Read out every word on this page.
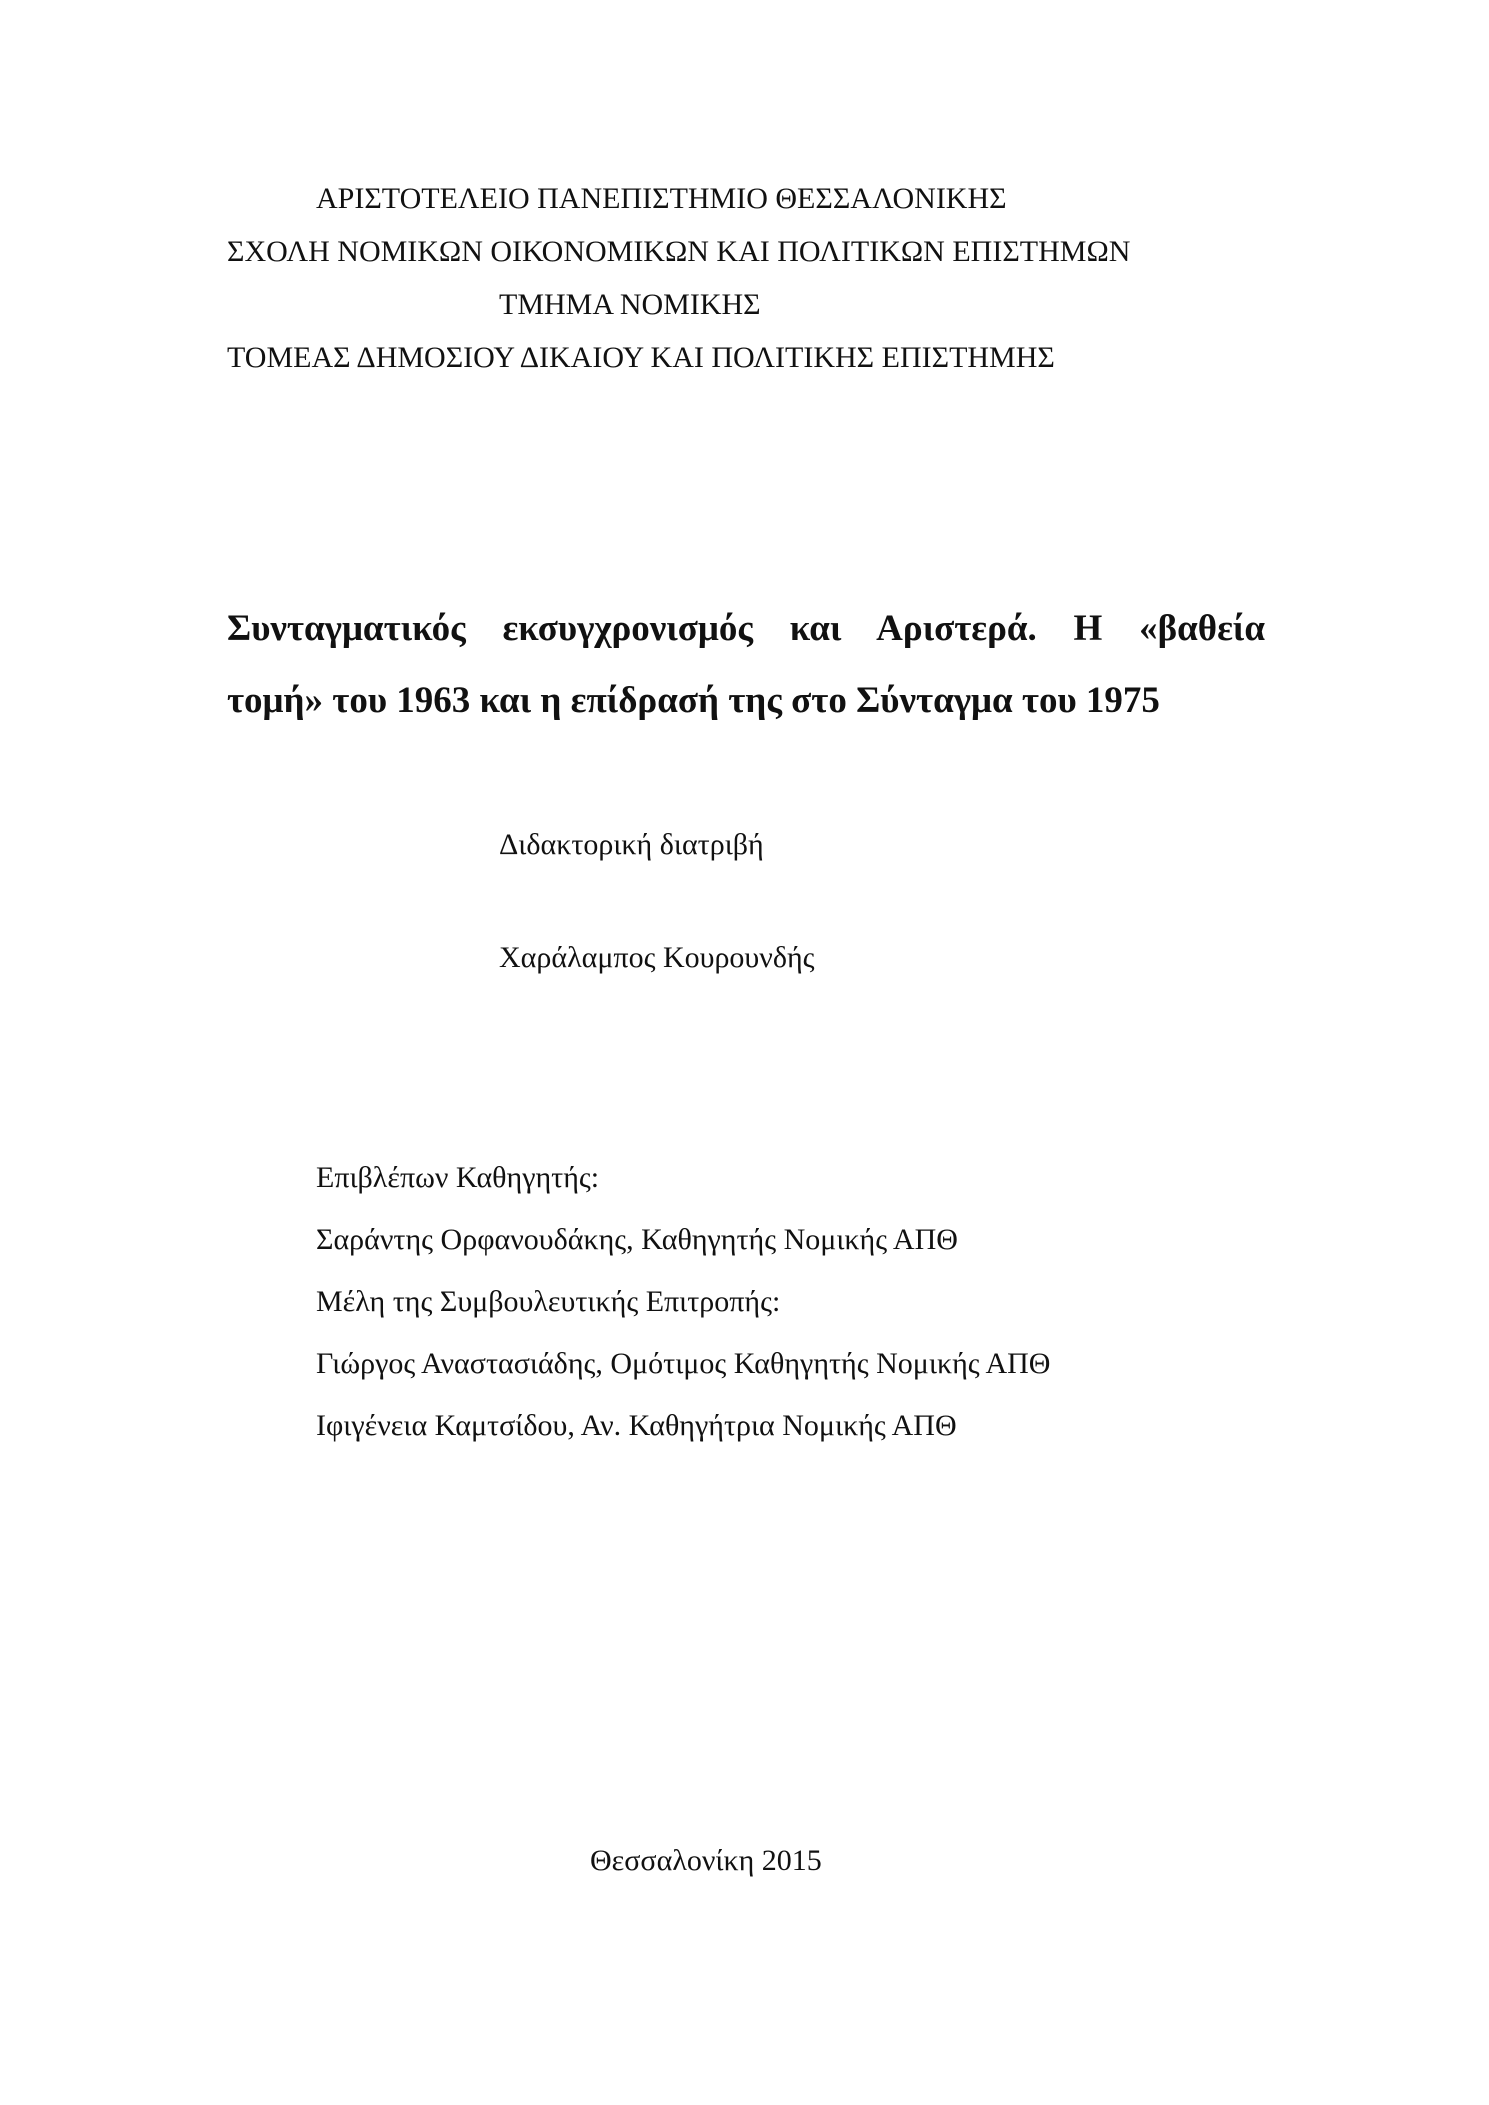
ΑΡΙΣΤΟΤΕΛΕΙΟ ΠΑΝΕΠΙΣΤΗΜΙΟ ΘΕΣΣΑΛΟΝΙΚΗΣ
ΣΧΟΛΗ ΝΟΜΙΚΩΝ ΟΙΚΟΝΟΜΙΚΩΝ ΚΑΙ ΠΟΛΙΤΙΚΩΝ ΕΠΙΣΤΗΜΩΝ
ΤΜΗΜΑ ΝΟΜΙΚΗΣ
ΤΟΜΕΑΣ ΔΗΜΟΣΙΟΥ ΔΙΚΑΙΟΥ ΚΑΙ ΠΟΛΙΤΙΚΗΣ ΕΠΙΣΤΗΜΗΣ
Συνταγματικός εκσυγχρονισμός και Αριστερά. Η «βαθεία
τομή» του 1963 και η επίδρασή της στο Σύνταγμα του 1975
Διδακτορική διατριβή
Χαράλαμπος Κουρουνδής
Επιβλέπων Καθηγητής:
Σαράντης Ορφανουδάκης, Καθηγητής Νομικής ΑΠΘ
Μέλη της Συμβουλευτικής Επιτροπής:
Γιώργος Αναστασιάδης, Ομότιμος Καθηγητής Νομικής ΑΠΘ
Ιφιγένεια Καμτσίδου, Αν. Καθηγήτρια Νομικής ΑΠΘ
Θεσσαλονίκη 2015
